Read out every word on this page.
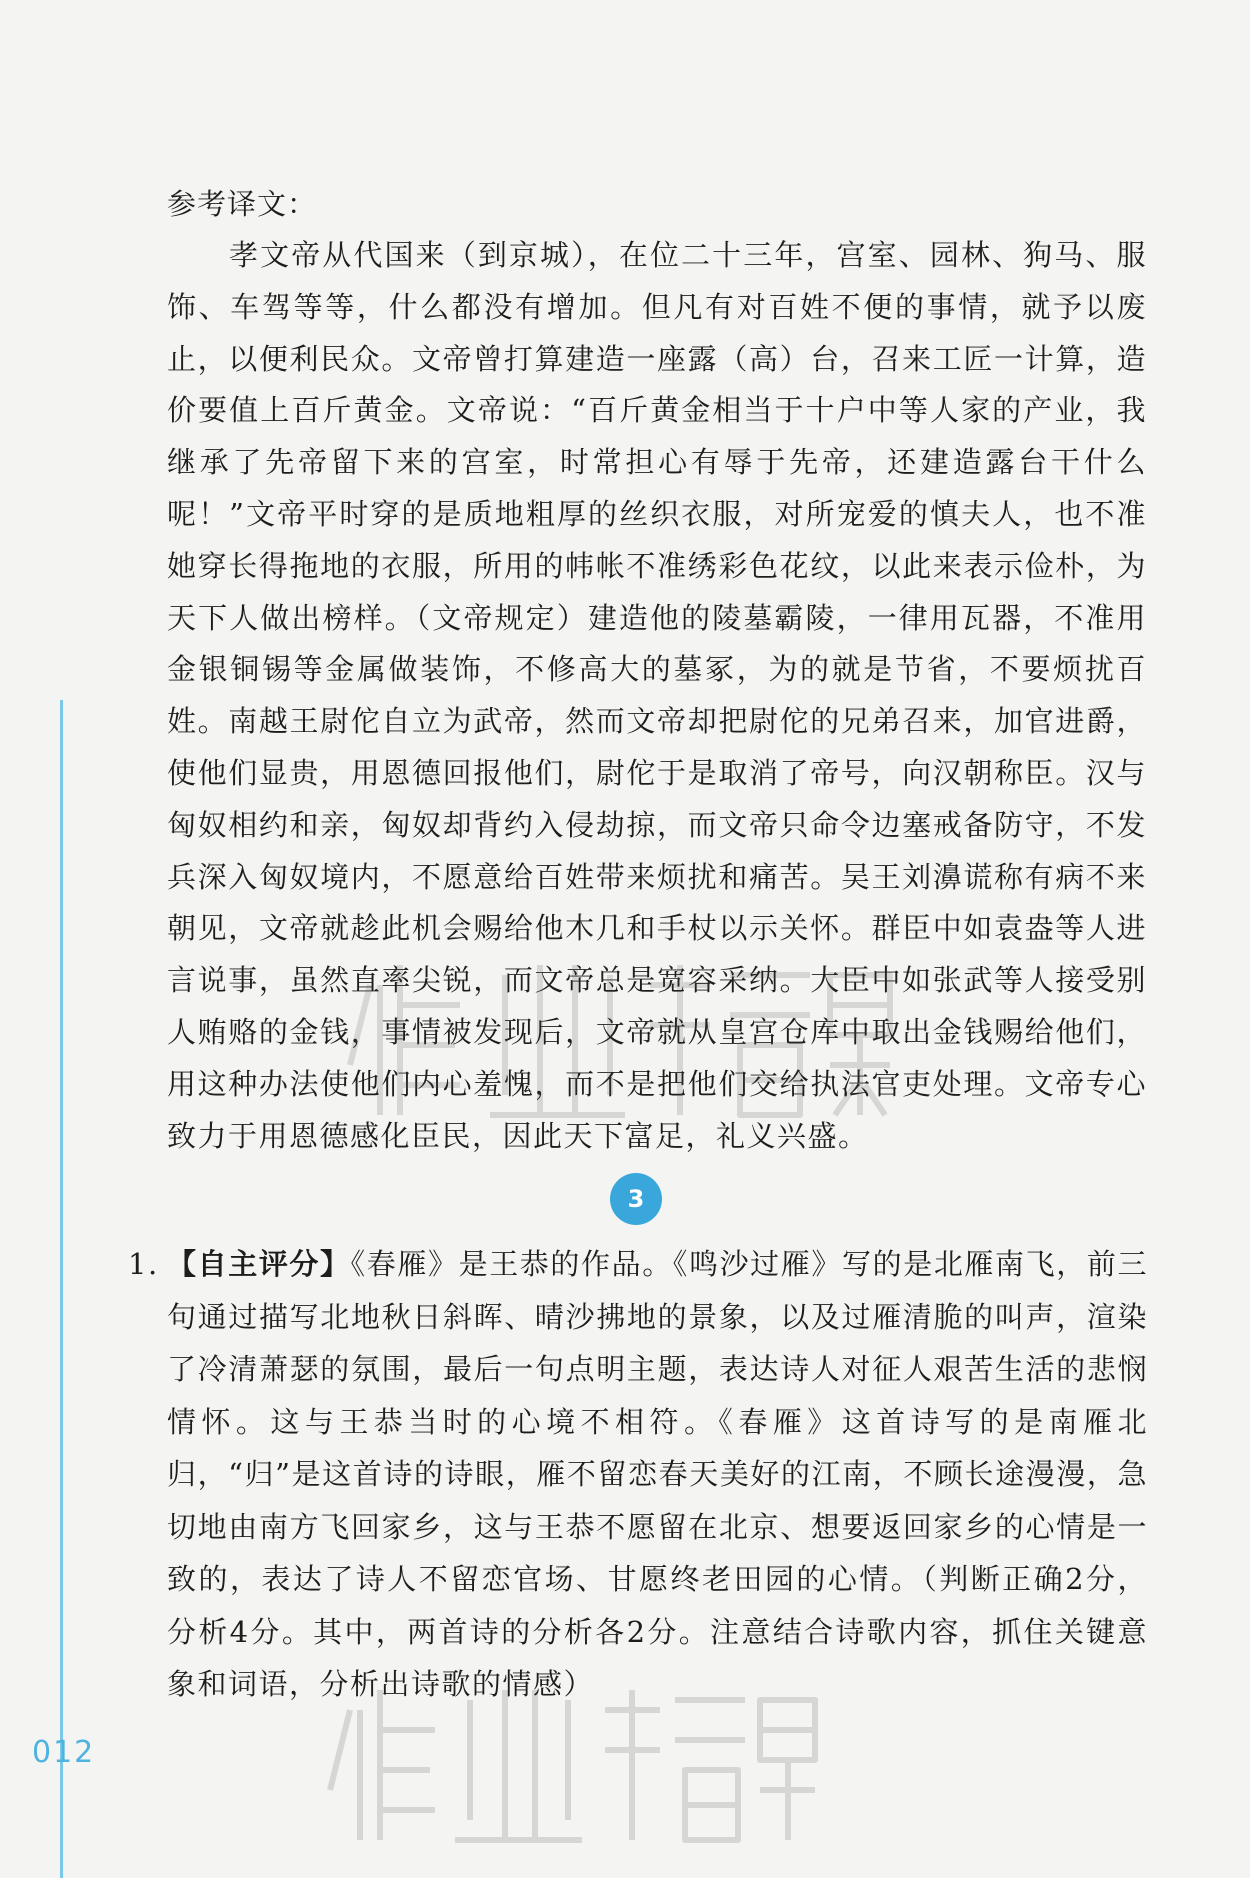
012

参考译文：

孝文帝从代国来（到京城），在位二十三年，宫室、园林、狗马、服饰、车驾等等，什么都没有增加。但凡有对百姓不便的事情，就予以废止，以便利民众。文帝曾打算建造一座露（高）台，召来工匠一计算，造价要值上百斤黄金。文帝说：“百斤黄金相当于十户中等人家的产业，我继承了先帝留下来的宫室，时常担心有辱于先帝，还建造露台干什么呢！”文帝平时穿的是质地粗厚的丝织衣服，对所宠爱的慎夫人，也不准她穿长得拖地的衣服，所用的帏帐不准绣彩色花纹，以此来表示俭朴，为天下人做出榜样。（文帝规定）建造他的陵墓霸陵，一律用瓦器，不准用金银铜锡等金属做装饰，不修高大的墓冢，为的就是节省，不要烦扰百姓。南越王尉佗自立为武帝，然而文帝却把尉佗的兄弟召来，加官进爵，使他们显贵，用恩德回报他们，尉佗于是取消了帝号，向汉朝称臣。汉与匈奴相约和亲，匈奴却背约入侵劫掠，而文帝只命令边塞戒备防守，不发兵深入匈奴境内，不愿意给百姓带来烦扰和痛苦。吴王刘濞谎称有病不来朝见，文帝就趁此机会赐给他木几和手杖以示关怀。群臣中如袁盎等人进言说事，虽然直率尖锐，而文帝总是宽容采纳。大臣中如张武等人接受别人贿赂的金钱，事情被发现后，文帝就从皇宫仓库中取出金钱赐给他们，用这种办法使他们内心羞愧，而不是把他们交给执法官吏处理。文帝专心致力于用恩德感化臣民，因此天下富足，礼义兴盛。

3
1. 【自主评分】《春雁》是王恭的作品。《鸣沙过雁》写的是北雁南飞，前三句通过描写北地秋日斜晖、晴沙拂地的景象，以及过雁清脆的叫声，渲染了冷清萧瑟的氛围，最后一句点明主题，表达诗人对征人艰苦生活的悲悯情怀。这与王恭当时的心境不相符。《春雁》这首诗写的是南雁北归，“归”是这首诗的诗眼，雁不留恋春天美好的江南，不顾长途漫漫，急切地由南方飞回家乡，这与王恭不愿留在北京、想要返回家乡的心情是一致的，表达了诗人不留恋官场、甘愿终老田园的心情。（判断正确2分，分析4分。其中，两首诗的分析各2分。注意结合诗歌内容，抓住关键意象和词语，分析出诗歌的情感）
